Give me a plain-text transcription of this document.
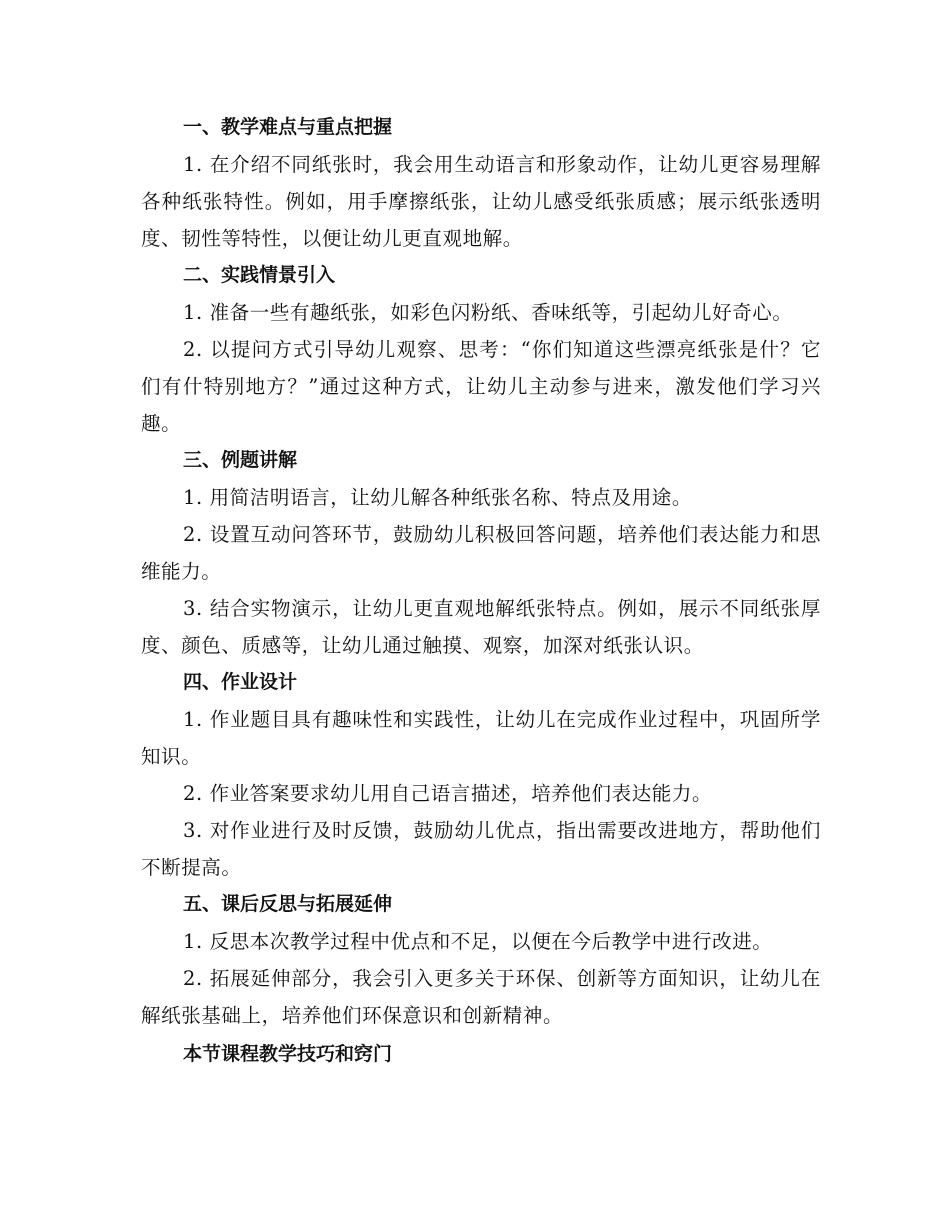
一、教学难点与重点把握

1. 在介绍不同纸张时，我会用生动语言和形象动作，让幼儿更容易理解各种纸张特性。例如，用手摩擦纸张，让幼儿感受纸张质感；展示纸张透明度、韧性等特性，以便让幼儿更直观地解。

二、实践情景引入

1. 准备一些有趣纸张，如彩色闪粉纸、香味纸等，引起幼儿好奇心。

2. 以提问方式引导幼儿观察、思考：“你们知道这些漂亮纸张是什？它们有什特别地方？”通过这种方式，让幼儿主动参与进来，激发他们学习兴趣。

三、例题讲解

1. 用简洁明语言，让幼儿解各种纸张名称、特点及用途。

2. 设置互动问答环节，鼓励幼儿积极回答问题，培养他们表达能力和思维能力。

3. 结合实物演示，让幼儿更直观地解纸张特点。例如，展示不同纸张厚度、颜色、质感等，让幼儿通过触摸、观察，加深对纸张认识。

四、作业设计

1. 作业题目具有趣味性和实践性，让幼儿在完成作业过程中，巩固所学知识。

2. 作业答案要求幼儿用自己语言描述，培养他们表达能力。

3. 对作业进行及时反馈，鼓励幼儿优点，指出需要改进地方，帮助他们不断提高。

五、课后反思与拓展延伸

1. 反思本次教学过程中优点和不足，以便在今后教学中进行改进。

2. 拓展延伸部分，我会引入更多关于环保、创新等方面知识，让幼儿在解纸张基础上，培养他们环保意识和创新精神。

本节课程教学技巧和窍门
